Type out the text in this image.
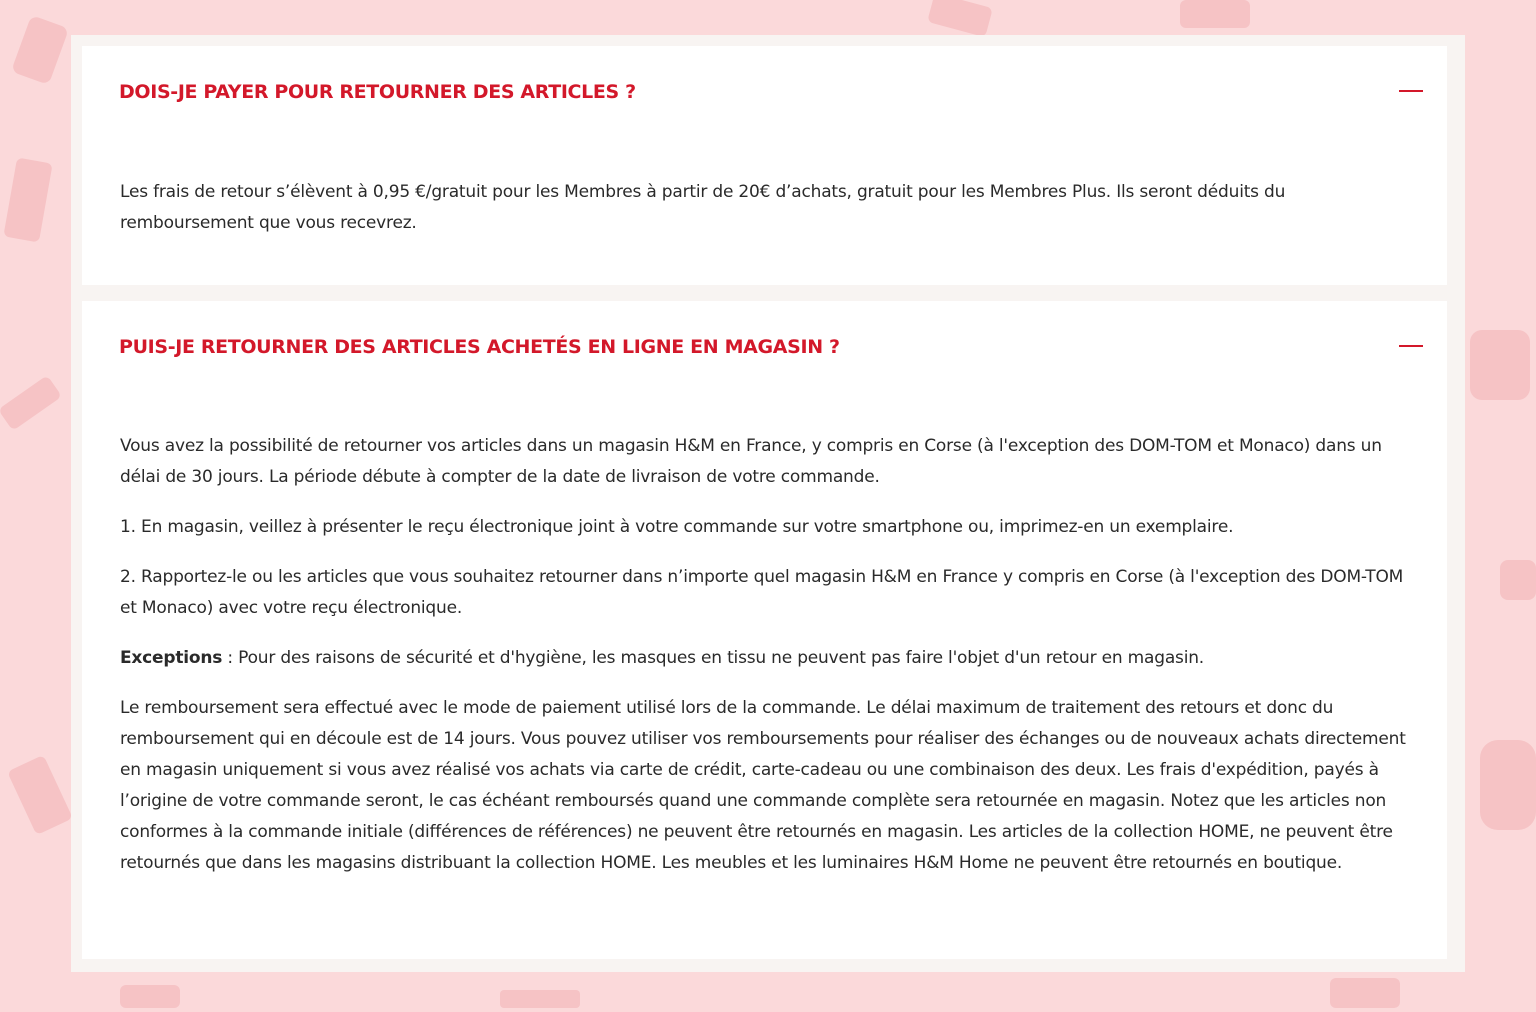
DOIS-JE PAYER POUR RETOURNER DES ARTICLES ?

Les frais de retour s’élèvent à 0,95 €/gratuit pour les Membres à partir de 20€ d’achats, gratuit pour les Membres Plus. Ils seront déduits du remboursement que vous recevrez.

PUIS-JE RETOURNER DES ARTICLES ACHETÉS EN LIGNE EN MAGASIN ?

Vous avez la possibilité de retourner vos articles dans un magasin H&M en France, y compris en Corse (à l'exception des DOM-TOM et Monaco) dans un délai de 30 jours. La période débute à compter de la date de livraison de votre commande.

1. En magasin, veillez à présenter le reçu électronique joint à votre commande sur votre smartphone ou, imprimez-en un exemplaire.

2. Rapportez-le ou les articles que vous souhaitez retourner dans n’importe quel magasin H&M en France y compris en Corse (à l'exception des DOM-TOM et Monaco) avec votre reçu électronique.

Exceptions : Pour des raisons de sécurité et d'hygiène, les masques en tissu ne peuvent pas faire l'objet d'un retour en magasin.

Le remboursement sera effectué avec le mode de paiement utilisé lors de la commande. Le délai maximum de traitement des retours et donc du remboursement qui en découle est de 14 jours. Vous pouvez utiliser vos remboursements pour réaliser des échanges ou de nouveaux achats directement en magasin uniquement si vous avez réalisé vos achats via carte de crédit, carte-cadeau ou une combinaison des deux. Les frais d'expédition, payés à l’origine de votre commande seront, le cas échéant remboursés quand une commande complète sera retournée en magasin. Notez que les articles non conformes à la commande initiale (différences de références) ne peuvent être retournés en magasin. Les articles de la collection HOME, ne peuvent être retournés que dans les magasins distribuant la collection HOME. Les meubles et les luminaires H&M Home ne peuvent être retournés en boutique.
